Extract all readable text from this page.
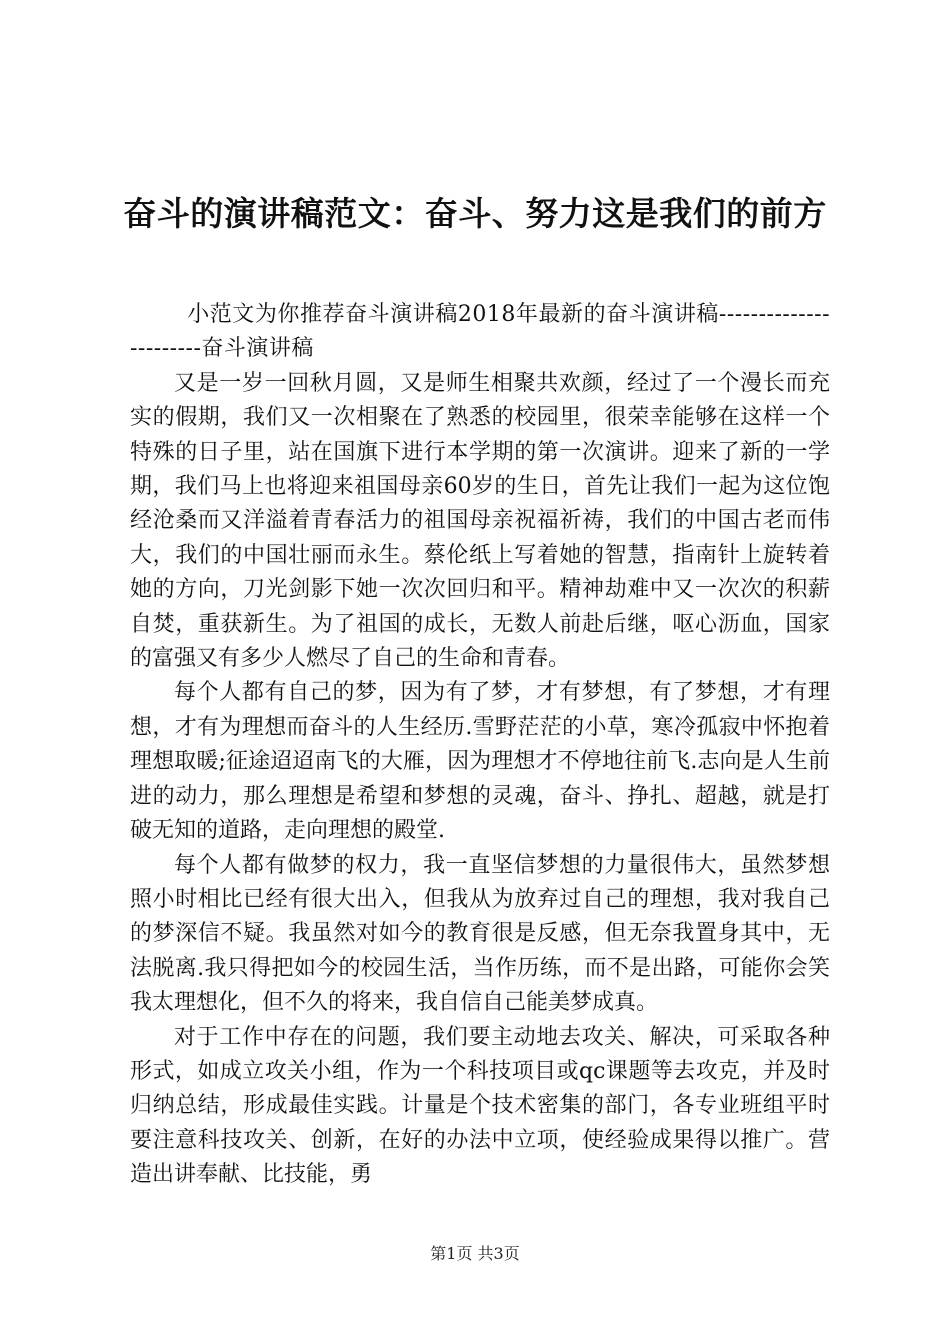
奋斗的演讲稿范文：奋斗、努力这是我们的前方

小范文为你推荐奋斗演讲稿2018年最新的奋斗演讲稿-----------------------奋斗演讲稿

又是一岁一回秋月圆，又是师生相聚共欢颜，经过了一个漫长而充实的假期，我们又一次相聚在了熟悉的校园里，很荣幸能够在这样一个特殊的日子里，站在国旗下进行本学期的第一次演讲。迎来了新的一学期，我们马上也将迎来祖国母亲60岁的生日，首先让我们一起为这位饱经沧桑而又洋溢着青春活力的祖国母亲祝福祈祷，我们的中国古老而伟大，我们的中国壮丽而永生。蔡伦纸上写着她的智慧，指南针上旋转着她的方向，刀光剑影下她一次次回归和平。精神劫难中又一次次的积薪自焚，重获新生。为了祖国的成长，无数人前赴后继，呕心沥血，国家的富强又有多少人燃尽了自己的生命和青春。

每个人都有自己的梦，因为有了梦，才有梦想，有了梦想，才有理想，才有为理想而奋斗的人生经历.雪野茫茫的小草，寒冷孤寂中怀抱着理想取暖;征途迢迢南飞的大雁，因为理想才不停地往前飞.志向是人生前进的动力，那么理想是希望和梦想的灵魂，奋斗、挣扎、超越，就是打破无知的道路，走向理想的殿堂.

每个人都有做梦的权力，我一直坚信梦想的力量很伟大，虽然梦想照小时相比已经有很大出入，但我从为放弃过自己的理想，我对我自己的梦深信不疑。我虽然对如今的教育很是反感，但无奈我置身其中，无法脱离.我只得把如今的校园生活，当作历练，而不是出路，可能你会笑我太理想化，但不久的将来，我自信自己能美梦成真。

对于工作中存在的问题，我们要主动地去攻关、解决，可采取各种形式，如成立攻关小组，作为一个科技项目或qc课题等去攻克，并及时归纳总结，形成最佳实践。计量是个技术密集的部门，各专业班组平时要注意科技攻关、创新，在好的办法中立项，使经验成果得以推广。营造出讲奉献、比技能，勇

第1页 共3页
